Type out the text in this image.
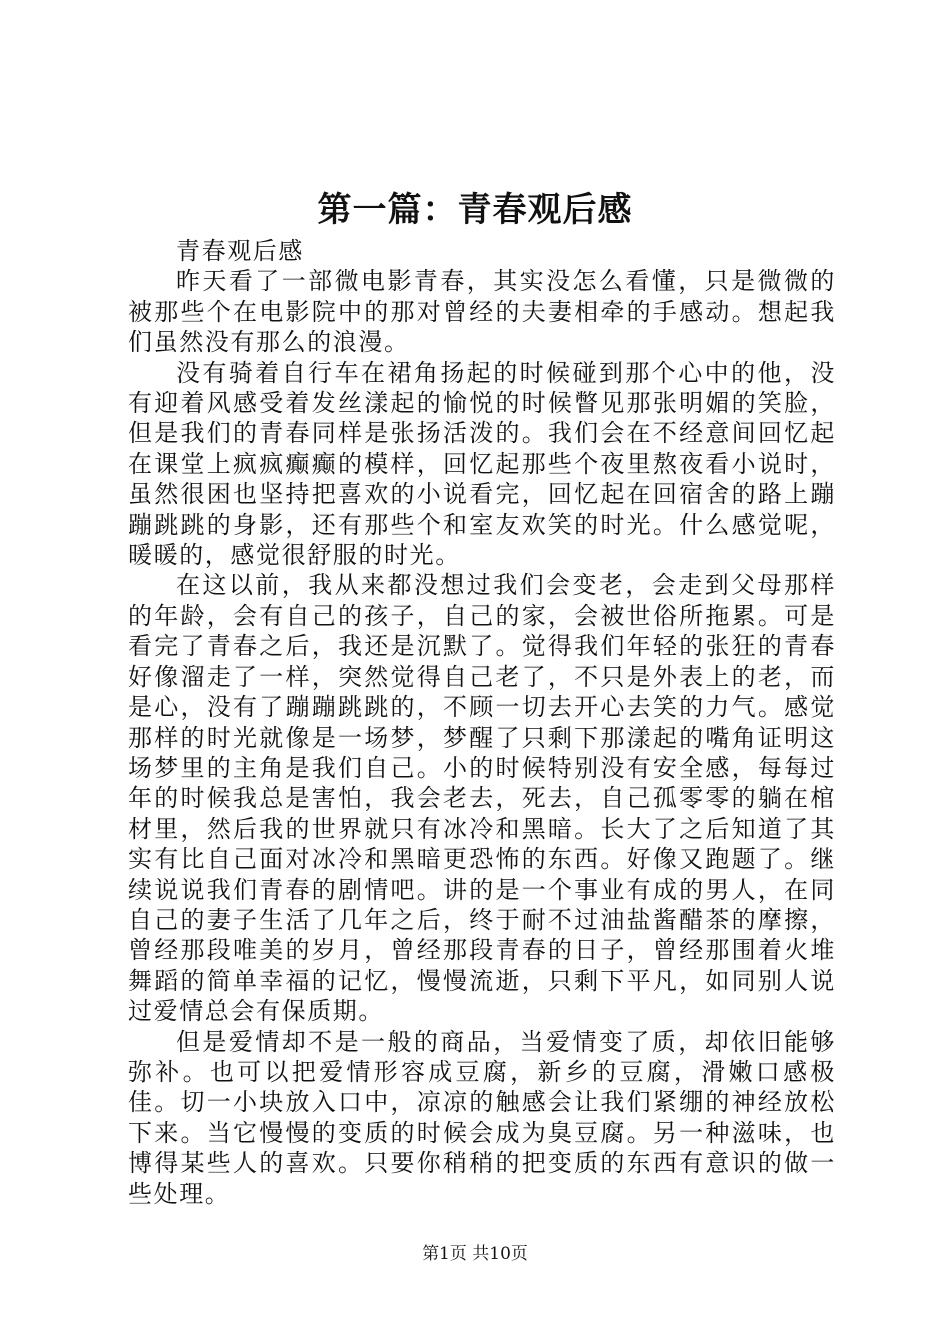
第一篇：青春观后感

青春观后感

昨天看了一部微电影青春，其实没怎么看懂，只是微微的被那些个在电影院中的那对曾经的夫妻相牵的手感动。想起我们虽然没有那么的浪漫。

没有骑着自行车在裙角扬起的时候碰到那个心中的他，没有迎着风感受着发丝漾起的愉悦的时候瞥见那张明媚的笑脸，但是我们的青春同样是张扬活泼的。我们会在不经意间回忆起在课堂上疯疯癫癫的模样，回忆起那些个夜里熬夜看小说时，虽然很困也坚持把喜欢的小说看完，回忆起在回宿舍的路上蹦蹦跳跳的身影，还有那些个和室友欢笑的时光。什么感觉呢，暖暖的，感觉很舒服的时光。

在这以前，我从来都没想过我们会变老，会走到父母那样的年龄，会有自己的孩子，自己的家，会被世俗所拖累。可是看完了青春之后，我还是沉默了。觉得我们年轻的张狂的青春好像溜走了一样，突然觉得自己老了，不只是外表上的老，而是心，没有了蹦蹦跳跳的，不顾一切去开心去笑的力气。感觉那样的时光就像是一场梦，梦醒了只剩下那漾起的嘴角证明这场梦里的主角是我们自己。小的时候特别没有安全感，每每过年的时候我总是害怕，我会老去，死去，自己孤零零的躺在棺材里，然后我的世界就只有冰冷和黑暗。长大了之后知道了其实有比自己面对冰冷和黑暗更恐怖的东西。好像又跑题了。继续说说我们青春的剧情吧。讲的是一个事业有成的男人，在同自己的妻子生活了几年之后，终于耐不过油盐酱醋茶的摩擦，曾经那段唯美的岁月，曾经那段青春的日子，曾经那围着火堆舞蹈的简单幸福的记忆，慢慢流逝，只剩下平凡，如同别人说过爱情总会有保质期。

但是爱情却不是一般的商品，当爱情变了质，却依旧能够弥补。也可以把爱情形容成豆腐，新乡的豆腐，滑嫩口感极佳。切一小块放入口中，凉凉的触感会让我们紧绷的神经放松下来。当它慢慢的变质的时候会成为臭豆腐。另一种滋味，也博得某些人的喜欢。只要你稍稍的把变质的东西有意识的做一些处理。

第1页 共10页
